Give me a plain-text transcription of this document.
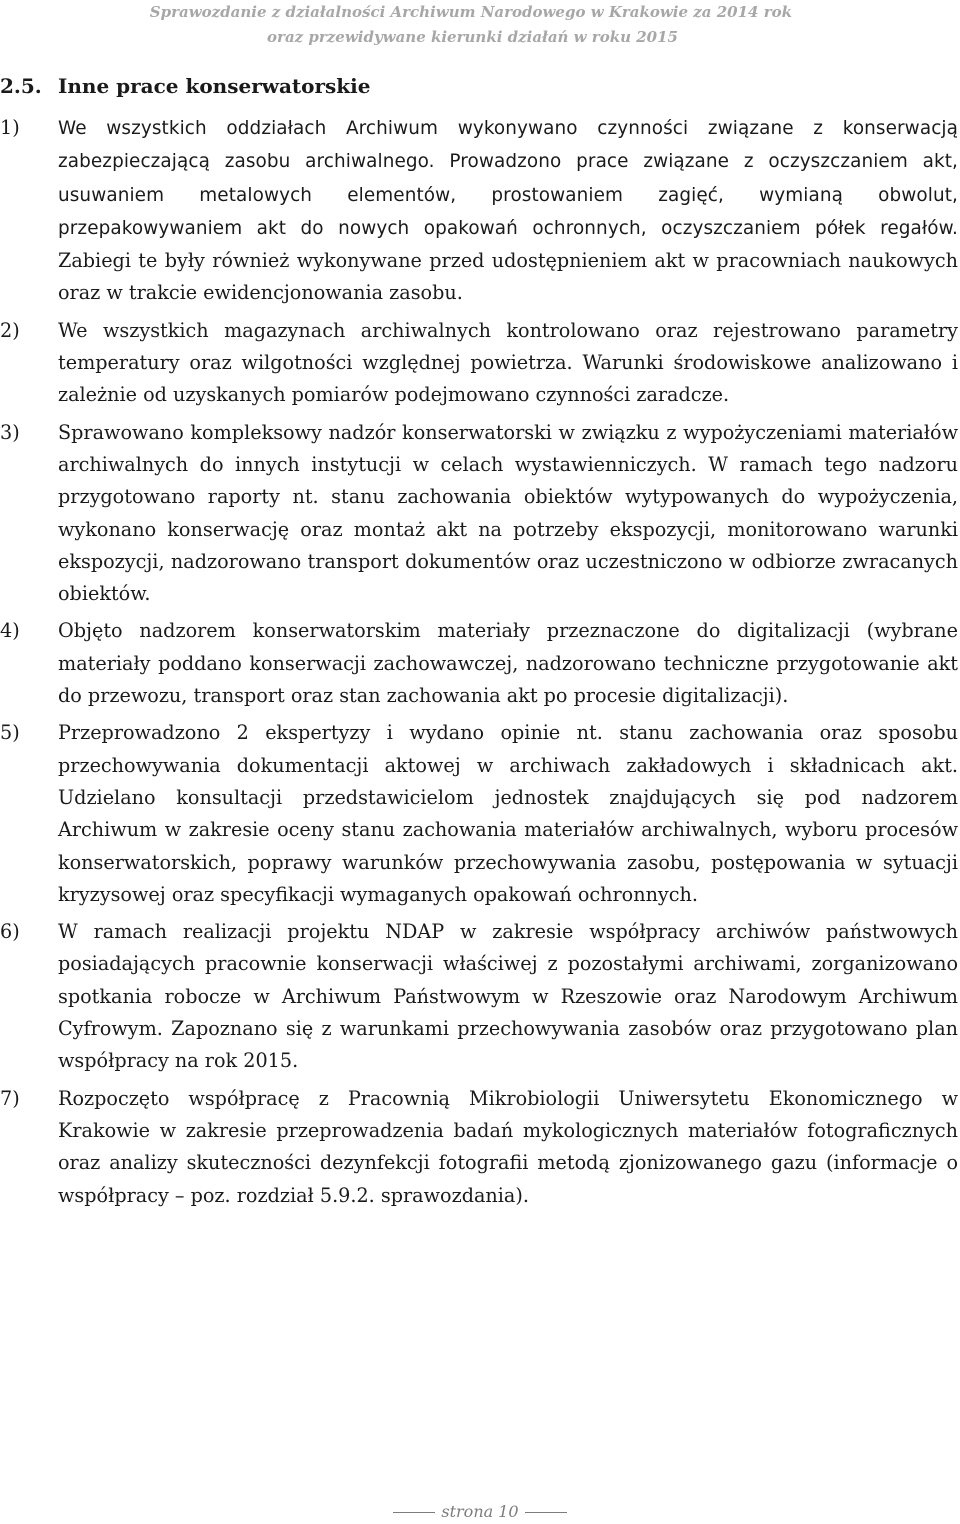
Sprawozdanie z działalności Archiwum Narodowego w Krakowie za 2014 rok
oraz przewidywane kierunki działań w roku 2015
2.5. Inne prace konserwatorskie
1)	We wszystkich oddziałach Archiwum wykonywano czynności związane z konserwacją zabezpieczającą zasobu archiwalnego. Prowadzono prace związane z oczyszczaniem akt, usuwaniem metalowych elementów, prostowaniem zagięć, wymianą obwolut, przepakowywaniem akt do nowych opakowań ochronnych, oczyszczaniem półek regałów. Zabiegi te były również wykonywane przed udostępnieniem akt w pracowniach naukowych oraz w trakcie ewidencjonowania zasobu.
2)	We wszystkich magazynach archiwalnych kontrolowano oraz rejestrowano parametry temperatury oraz wilgotności względnej powietrza. Warunki środowiskowe analizowano i zależnie od uzyskanych pomiarów podejmowano czynności zaradcze.
3)	Sprawowano kompleksowy nadzór konserwatorski w związku z wypożyczeniami materiałów archiwalnych do innych instytucji w celach wystawienniczych. W ramach tego nadzoru przygotowano raporty nt. stanu zachowania obiektów wytypowanych do wypożyczenia, wykonano konserwację oraz montaż akt na potrzeby ekspozycji, monitorowano warunki ekspozycji, nadzorowano transport dokumentów oraz uczestniczono w odbiorze zwracanych obiektów.
4)	Objęto nadzorem konserwatorskim materiały przeznaczone do digitalizacji (wybrane materiały poddano konserwacji zachowawczej, nadzorowano techniczne przygotowanie akt do przewozu, transport oraz stan zachowania akt po procesie digitalizacji).
5)	Przeprowadzono 2 ekspertyzy i wydano opinie nt. stanu zachowania oraz sposobu przechowywania dokumentacji aktowej w archiwach zakładowych i składnicach akt. Udzielano konsultacji przedstawicielom jednostek znajdujących się pod nadzorem Archiwum w zakresie oceny stanu zachowania materiałów archiwalnych, wyboru procesów konserwatorskich, poprawy warunków przechowywania zasobu, postępowania w sytuacji kryzysowej oraz specyfikacji wymaganych opakowań ochronnych.
6)	W ramach realizacji projektu NDAP w zakresie współpracy archiwów państwowych posiadających pracownie konserwacji właściwej z pozostałymi archiwami, zorganizowano spotkania robocze w Archiwum Państwowym w Rzeszowie oraz Narodowym Archiwum Cyfrowym. Zapoznano się z warunkami przechowywania zasobów oraz przygotowano plan współpracy na rok 2015.
7)	Rozpoczęto współpracę z Pracownią Mikrobiologii Uniwersytetu Ekonomicznego w Krakowie w zakresie przeprowadzenia badań mykologicznych materiałów fotograficznych oraz analizy skuteczności dezynfekcji fotografii metodą zjonizowanego gazu (informacje o współpracy – poz. rozdział 5.9.2. sprawozdania).
strona 10
